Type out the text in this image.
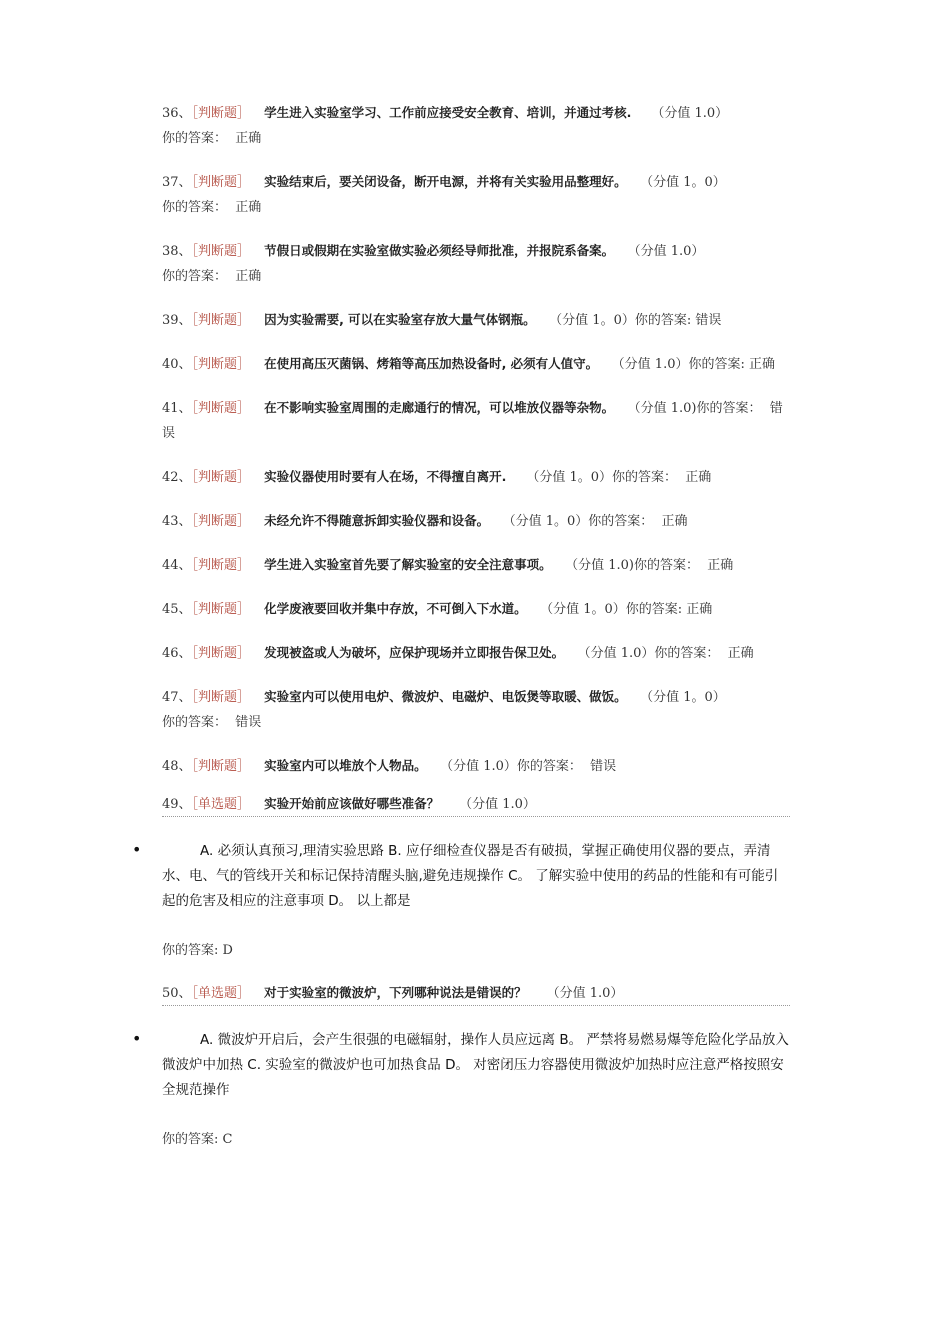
36、［判断题］ 学生进入实验室学习、工作前应接受安全教育、培训，并通过考核. （分值 1.0）
你的答案： 正确
37、［判断题］ 实验结束后，要关闭设备，断开电源，并将有关实验用品整理好。 （分值 1。0）
你的答案： 正确
38、［判断题］ 节假日或假期在实验室做实验必须经导师批准，并报院系备案。 （分值 1.0）
你的答案： 正确
39、［判断题］ 因为实验需要, 可以在实验室存放大量气体钢瓶。 （分值 1。0）你的答案: 错误
40、［判断题］ 在使用高压灭菌锅、烤箱等高压加热设备时, 必须有人值守。 （分值 1.0）你的答案: 正确
41、［判断题］ 在不影响实验室周围的走廊通行的情况，可以堆放仪器等杂物。 （分值 1.0)你的答案： 错误
42、［判断题］ 实验仪器使用时要有人在场，不得擅自离开. （分值 1。0）你的答案： 正确
43、［判断题］ 未经允许不得随意拆卸实验仪器和设备。 （分值 1。0）你的答案： 正确
44、［判断题］ 学生进入实验室首先要了解实验室的安全注意事项。 （分值 1.0)你的答案： 正确
45、［判断题］ 化学废液要回收并集中存放，不可倒入下水道。 （分值 1。0）你的答案: 正确
46、［判断题］ 发现被盗或人为破坏，应保护现场并立即报告保卫处。 （分值 1.0）你的答案： 正确
47、［判断题］ 实验室内可以使用电炉、微波炉、电磁炉、电饭煲等取暖、做饭。 （分值 1。0）
你的答案： 错误
48、［判断题］ 实验室内可以堆放个人物品。 （分值 1.0）你的答案： 错误
49、［单选题］ 实验开始前应该做好哪些准备？ （分值 1.0）
•	A. 必须认真预习,理清实验思路 B. 应仔细检查仪器是否有破损，掌握正确使用仪器的要点，弄清水、电、气的管线开关和标记保持清醒头脑,避免违规操作 C。 了解实验中使用的药品的性能和有可能引起的危害及相应的注意事项 D。 以上都是
你的答案: D
50、［单选题］ 对于实验室的微波炉，下列哪种说法是错误的？ （分值 1.0）
•	A. 微波炉开启后，会产生很强的电磁辐射，操作人员应远离 B。 严禁将易燃易爆等危险化学品放入微波炉中加热 C. 实验室的微波炉也可加热食品 D。 对密闭压力容器使用微波炉加热时应注意严格按照安全规范操作
你的答案: C
